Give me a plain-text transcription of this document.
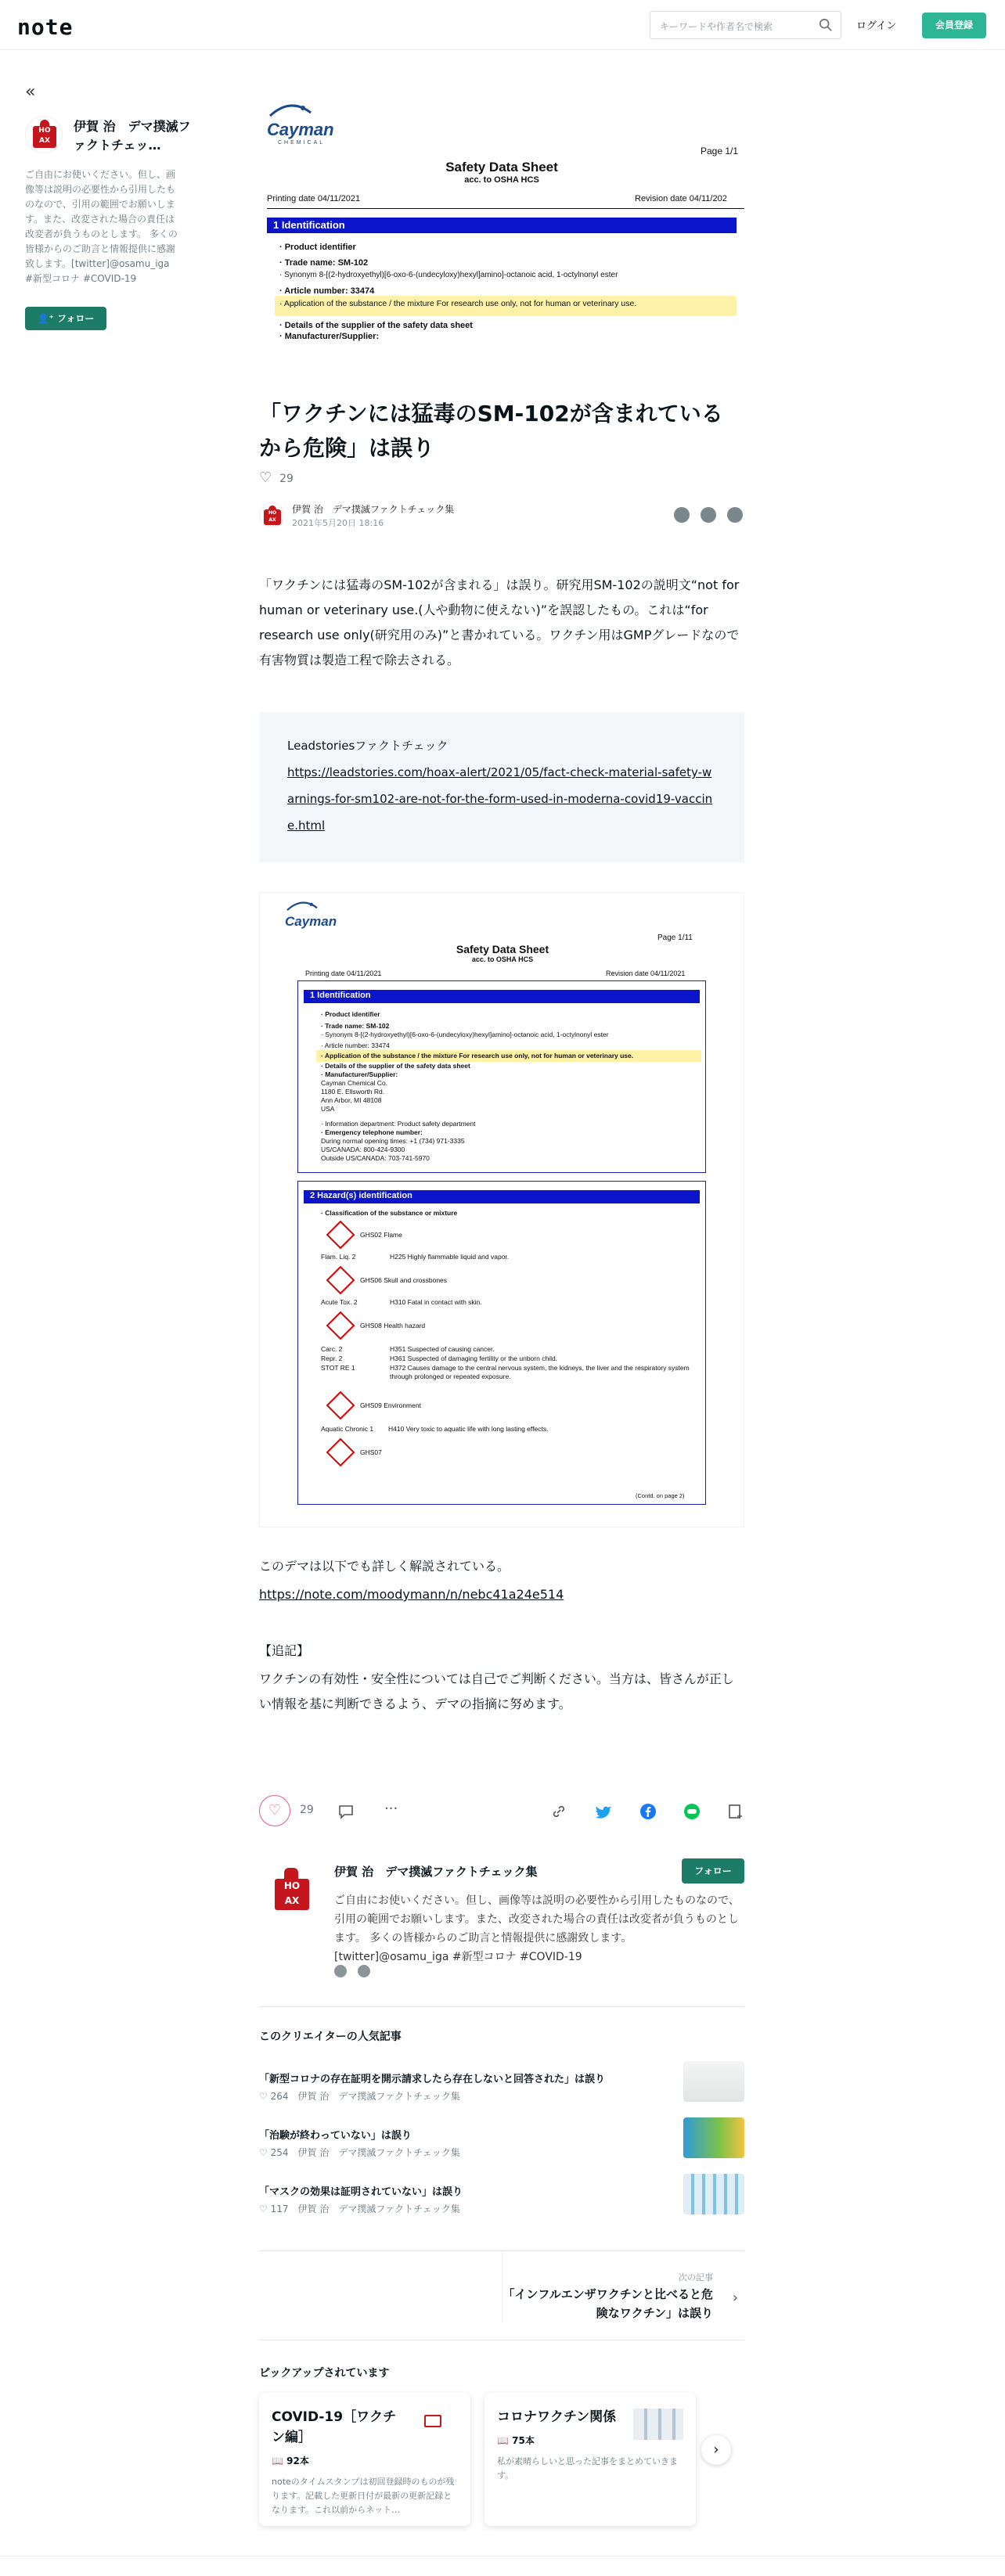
note	キーワードや作者名で検索	ログイン	会員登録
«
HO
AX
伊賀 治　デマ撲滅ファクトチェッ…
ご自由にお使いください。但し、画像等は説明の必要性から引用したものなので、引用の範囲でお願いします。また、改変された場合の責任は改変者が負うものとします。 多くの皆様からのご助言と情報提供に感謝致します。[twitter]@osamu_iga #新型コロナ #COVID-19
👤⁺ フォロー
Cayman
CHEMICAL
Page 1/1
Safety Data Sheet
acc. to OSHA HCS
Printing date 04/11/2021	Revision date 04/11/202
1 Identification
· Product identifier
· Trade name: SM-102
· Synonym 8-[(2-hydroxyethyl)[6-oxo-6-(undecyloxy)hexyl]amino]-octanoic acid, 1-octylnonyl ester
· Article number: 33474
· Application of the substance / the mixture For research use only, not for human or veterinary use.
· Details of the supplier of the safety data sheet
· Manufacturer/Supplier:
「ワクチンには猛毒のSM-102が含まれているから危険」は誤り
♡ 29
HO
AX
伊賀 治　デマ撲滅ファクトチェック集
2021年5月20日 18:16

「ワクチンには猛毒のSM-102が含まれる」は誤り。研究用SM-102の説明文“not for human or veterinary use.(人や動物に使えない)”を誤認したもの。これは“for research use only(研究用のみ)”と書かれている。ワクチン用はGMPグレードなので有害物質は製造工程で除去される。

Leadstoriesファクトチェック
https://leadstories.com/hoax-alert/2021/05/fact-check-material-safety-warnings-for-sm102-are-not-for-the-form-used-in-moderna-covid19-vaccine.html
Cayman
Page 1/11
Safety Data Sheet
acc. to OSHA HCS
Printing date 04/11/2021	Revision date 04/11/2021
1 Identification
· Product identifier
· Trade name: SM-102
· Synonym 8-[(2-hydroxyethyl)[6-oxo-6-(undecyloxy)hexyl]amino]-octanoic acid, 1-octylnonyl ester
· Article number: 33474
· Application of the substance / the mixture For research use only, not for human or veterinary use.
· Details of the supplier of the safety data sheet
· Manufacturer/Supplier:
Cayman Chemical Co.
1180 E. Ellsworth Rd.
Ann Arbor, MI 48108
USA
· Information department: Product safety department
· Emergency telephone number:
During normal opening times: +1 (734) 971-3335
US/CANADA: 800-424-9300
Outside US/CANADA: 703-741-5970
2 Hazard(s) identification
· Classification of the substance or mixture
GHS02 Flame
Flam. Liq. 2	H225 Highly flammable liquid and vapor.
GHS06 Skull and crossbones
Acute Tox. 2	H310 Fatal in contact with skin.
GHS08 Health hazard
Carc. 2	H351 Suspected of causing cancer.
Repr. 2	H361 Suspected of damaging fertility or the unborn child.
STOT RE 1	H372 Causes damage to the central nervous system, the kidneys, the liver and the respiratory system through prolonged or repeated exposure.
GHS09 Environment
Aquatic Chronic 1 H410 Very toxic to aquatic life with long lasting effects.
GHS07
(Contd. on page 2)

このデマは以下でも詳しく解説されている。

https://note.com/moodymann/n/nebc41a24e514

【追記】

ワクチンの有効性・安全性については自己でご判断ください。当方は、皆さんが正しい情報を基に判断できるよう、デマの指摘に努めます。

♡	29	···
HO
AX
伊賀 治　デマ撲滅ファクトチェック集	フォロー
ご自由にお使いください。但し、画像等は説明の必要性から引用したものなので、引用の範囲でお願いします。また、改変された場合の責任は改変者が負うものとします。 多くの皆様からのご助言と情報提供に感謝致します。[twitter]@osamu_iga #新型コロナ #COVID-19
このクリエイターの人気記事
「新型コロナの存在証明を開示請求したら存在しないと回答された」は誤り
♡ 264　 伊賀 治　デマ撲滅ファクトチェック集
「治験が終わっていない」は誤り
♡ 254　 伊賀 治　デマ撲滅ファクトチェック集
「マスクの効果は証明されていない」は誤り
♡ 117　 伊賀 治　デマ撲滅ファクトチェック集
次の記事
「インフルエンザワクチンと比べると危険なワクチン」は誤り
›
ピックアップされています
COVID-19［ワクチン編］
📖 92本
noteのタイムスタンプは初回登録時のものが残ります。記載した更新日付が最新の更新記録となります。これ以前からネット…
コロナワクチン関係
📖 75本
私が素晴らしいと思った記事をまとめていきます。
›
